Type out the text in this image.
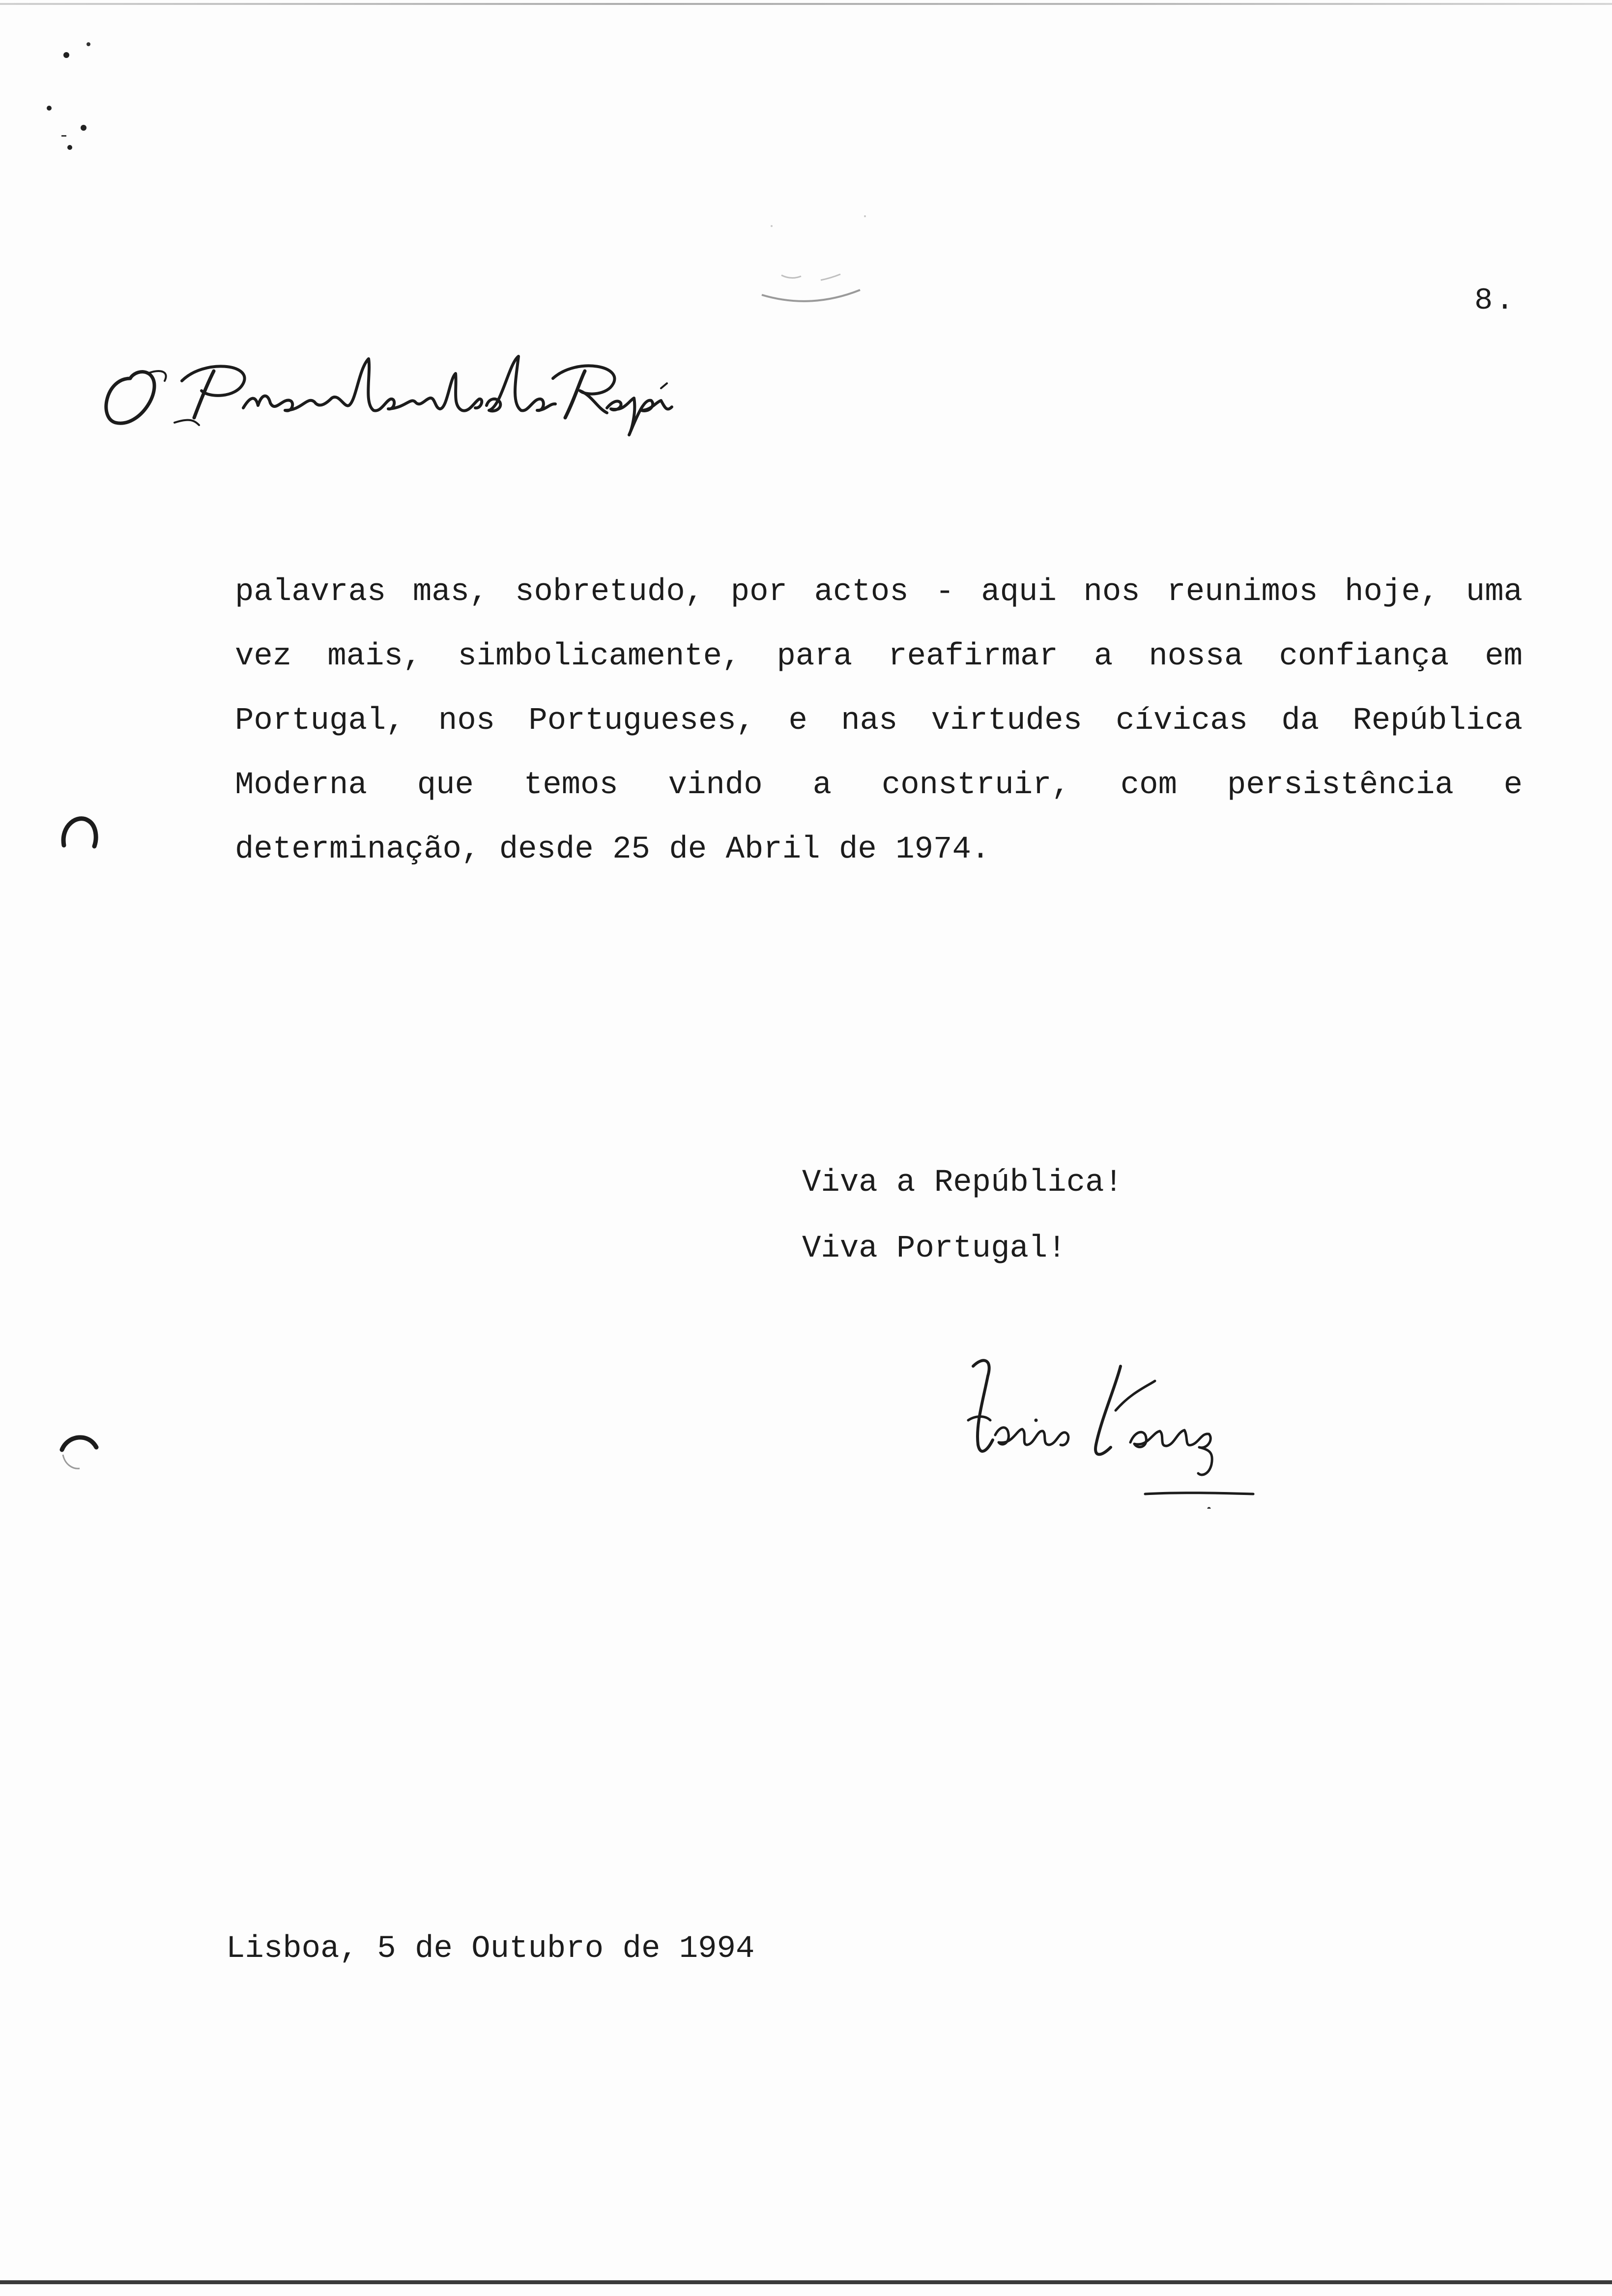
8.
palavras mas, sobretudo, por actos - aqui nos reunimos hoje, uma
vez mais, simbolicamente, para reafirmar a nossa confiança em
Portugal, nos Portugueses, e nas virtudes cívicas da República
Moderna que temos vindo a construir, com persistência e
determinação, desde 25 de Abril de 1974.
Viva a República!
Viva Portugal!
Lisboa, 5 de Outubro de 1994
